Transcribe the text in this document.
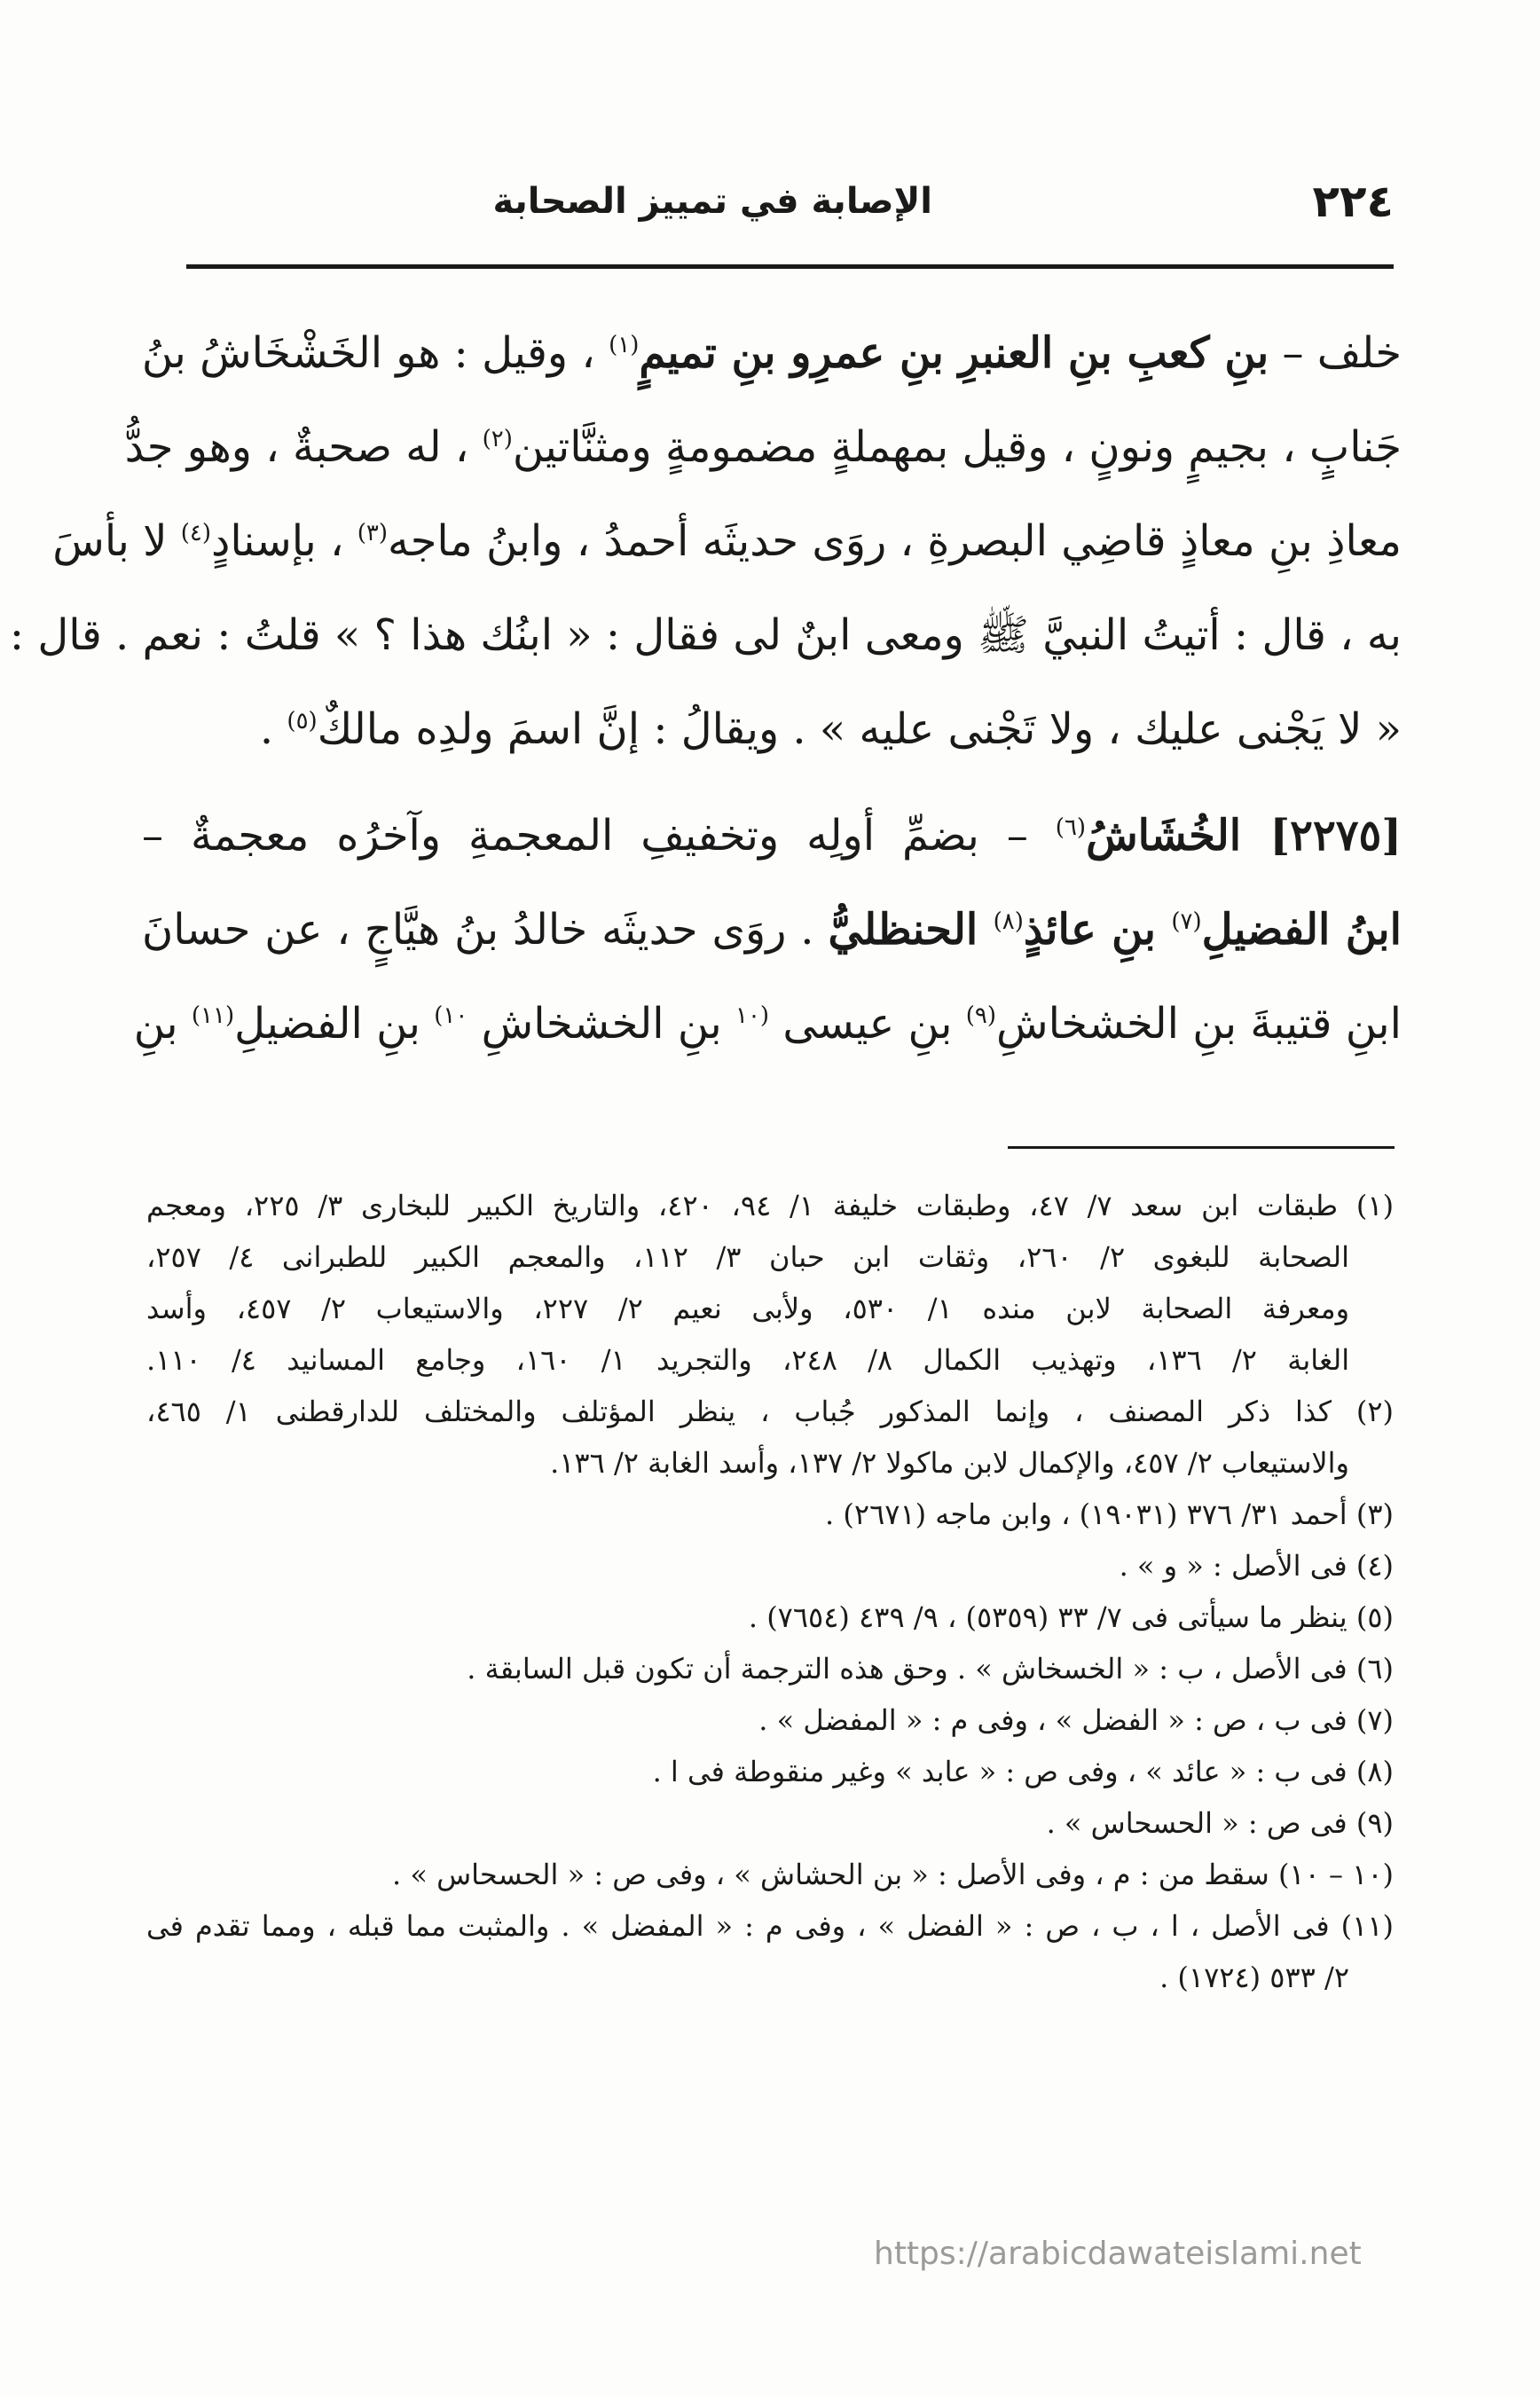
٢٢٤
الإصابة في تمييز الصحابة
خلف – بنِ كعبِ بنِ العنبرِ بنِ عمرِو بنِ تميمٍ$^{(١)}$ ، وقيل : هو الخَشْخَاشُ بنُ
جَنابٍ ، بجيمٍ ونونٍ ، وقيل بمهملةٍ مضمومةٍ ومثنَّاتين$^{(٢)}$ ، له صحبةٌ ، وهو جدُّ
معاذِ بنِ معاذٍ قاضِي البصرةِ ، روَى حديثَه أحمدُ ، وابنُ ماجه$^{(٣)}$ ، بإسنادٍ$^{(٤)}$ لا بأسَ
به ، قال : أتيتُ النبيَّ ﷺ ومعى ابنٌ لى فقال : « ابنُك هذا ؟ » قلتُ : نعم . قال :
« لا يَجْنى عليك ، ولا تَجْنى عليه » . ويقالُ : إنَّ اسمَ ولدِه مالكٌ$^{(٥)}$ .
[٢٢٧٥] الخُشَاشُ$^{(٦)}$ – بضمِّ أولِه وتخفيفِ المعجمةِ وآخرُه معجمةٌ –
ابنُ الفضيلِ$^{(٧)}$ بنِ عائذٍ$^{(٨)}$ الحنظليُّ . روَى حديثَه خالدُ بنُ هيَّاجٍ ، عن حسانَ
ابنِ قتيبةَ بنِ الخشخاشِ$^{(٩)}$ بنِ عيسى $^{(١٠}$ بنِ الخشخاشِ $^{١٠)}$ بنِ الفضيلِ$^{(١١)}$ بنِ
(١) طبقات ابن سعد ٧/ ٤٧، وطبقات خليفة ١/ ٩٤، ٤٢٠، والتاريخ الكبير للبخارى ٣/ ٢٢٥، ومعجم
الصحابة للبغوى ٢/ ٢٦٠، وثقات ابن حبان ٣/ ١١٢، والمعجم الكبير للطبرانى ٤/ ٢٥٧،
ومعرفة الصحابة لابن منده ١/ ٥٣٠، ولأبى نعيم ٢/ ٢٢٧، والاستيعاب ٢/ ٤٥٧، وأسد
الغابة ٢/ ١٣٦، وتهذيب الكمال ٨/ ٢٤٨، والتجريد ١/ ١٦٠، وجامع المسانيد ٤/ ١١٠.
(٢) كذا ذكر المصنف ، وإنما المذكور جُباب ، ينظر المؤتلف والمختلف للدارقطنى ١/ ٤٦٥،
والاستيعاب ٢/ ٤٥٧، والإكمال لابن ماكولا ٢/ ١٣٧، وأسد الغابة ٢/ ١٣٦.
(٣) أحمد ٣١/ ٣٧٦ (١٩٠٣١) ، وابن ماجه (٢٦٧١) .
(٤) فى الأصل : « و » .
(٥) ينظر ما سيأتى فى ٧/ ٣٣ (٥٣٥٩) ، ٩/ ٤٣٩ (٧٦٥٤) .
(٦) فى الأصل ، ب : « الخسخاش » . وحق هذه الترجمة أن تكون قبل السابقة .
(٧) فى ب ، ص : « الفضل » ، وفى م : « المفضل » .
(٨) فى ب : « عائد » ، وفى ص : « عابد » وغير منقوطة فى ا .
(٩) فى ص : « الحسحاس » .
(١٠ – ١٠) سقط من : م ، وفى الأصل : « بن الحشاش » ، وفى ص : « الحسحاس » .
(١١) فى الأصل ، ا ، ب ، ص : « الفضل » ، وفى م : « المفضل » . والمثبت مما قبله ، ومما تقدم فى
٢/ ٥٣٣ (١٧٢٤) .
https://arabicdawateislami.net
